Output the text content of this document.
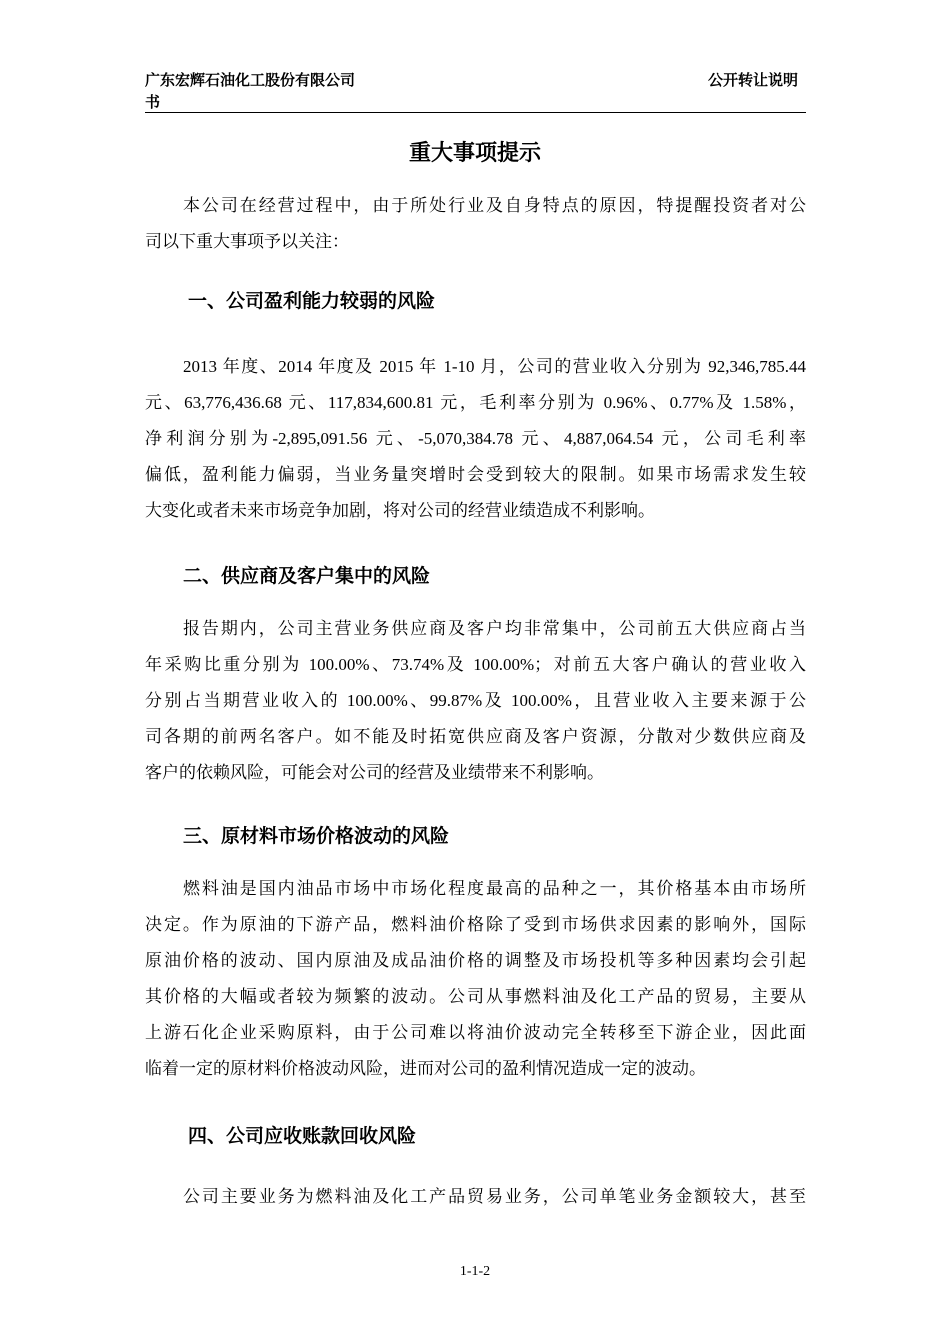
广东宏辉石油化工股份有限公司
书
公开转让说明
重大事项提示
本公司在经营过程中，由于所处行业及自身特点的原因，特提醒投资者对公
司以下重大事项予以关注：
一、公司盈利能力较弱的风险
2013 年度、2014 年度及 2015 年 1-10 月，公司的营业收入分别为 92,346,785.44
元、63,776,436.68 元、117,834,600.81 元，毛利率分别为 0.96%、0.77%及 1.58%，
净利润分别为-2,895,091.56 元、-5,070,384.78 元、4,887,064.54 元，公司毛利率
偏低，盈利能力偏弱，当业务量突增时会受到较大的限制。如果市场需求发生较
大变化或者未来市场竞争加剧，将对公司的经营业绩造成不利影响。
二、供应商及客户集中的风险
报告期内，公司主营业务供应商及客户均非常集中，公司前五大供应商占当
年采购比重分别为 100.00%、73.74%及 100.00%；对前五大客户确认的营业收入
分别占当期营业收入的 100.00%、99.87%及 100.00%，且营业收入主要来源于公
司各期的前两名客户。如不能及时拓宽供应商及客户资源，分散对少数供应商及
客户的依赖风险，可能会对公司的经营及业绩带来不利影响。
三、原材料市场价格波动的风险
燃料油是国内油品市场中市场化程度最高的品种之一，其价格基本由市场所
决定。作为原油的下游产品，燃料油价格除了受到市场供求因素的影响外，国际
原油价格的波动、国内原油及成品油价格的调整及市场投机等多种因素均会引起
其价格的大幅或者较为频繁的波动。公司从事燃料油及化工产品的贸易，主要从
上游石化企业采购原料，由于公司难以将油价波动完全转移至下游企业，因此面
临着一定的原材料价格波动风险，进而对公司的盈利情况造成一定的波动。
四、公司应收账款回收风险
公司主要业务为燃料油及化工产品贸易业务，公司单笔业务金额较大，甚至
1-1-2
